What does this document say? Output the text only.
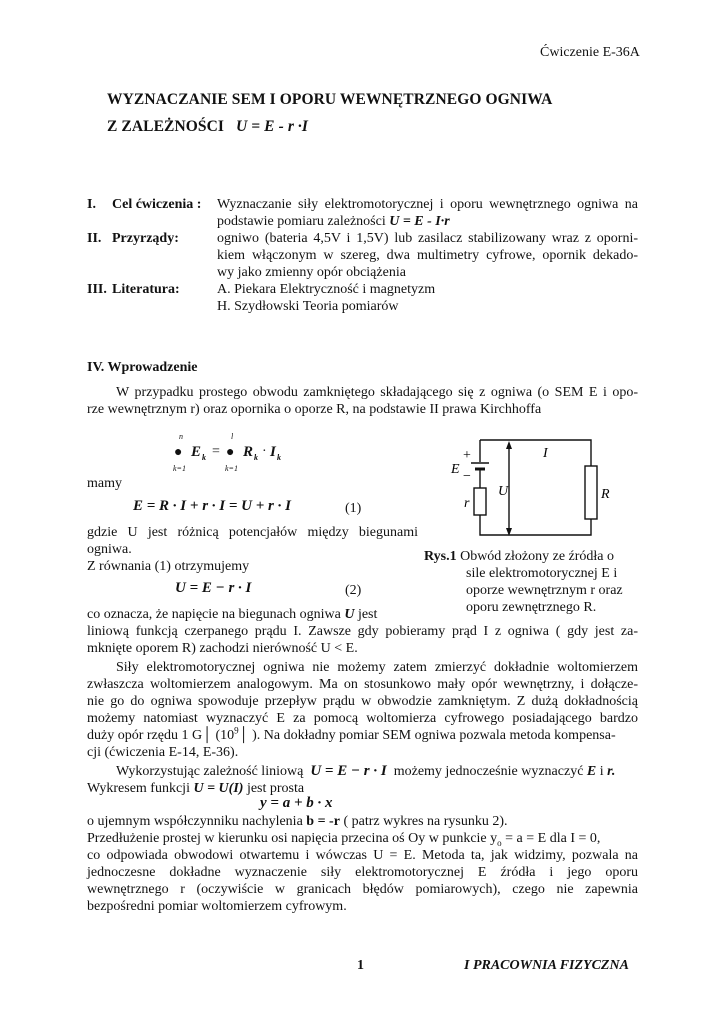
Ćwiczenie E-36A
WYZNACZANIE SEM I OPORU WEWNĘTRZNEGO OGNIWA
Z ZALEŻNOŚCI U = E - r ·I
I. Cel ćwiczenia : Wyznaczanie siły elektromotorycznej i oporu wewnętrznego ogniwa na
podstawie pomiaru zależności U = E - I·r
II. Przyrządy:	ogniwo (bateria 4,5V i 1,5V) lub zasilacz stabilizowany wraz z oporni-
kiem włączonym w szereg, dwa multimetry cyfrowe, opornik dekado-
wy jako zmienny opór obciążenia
III. Literatura:	A. Piekara Elektryczność i magnetyzm
H. Szydłowski Teoria pomiarów
IV. Wprowadzenie
W przypadku prostego obwodu zamkniętego składającego się z ogniwa (o SEM E i opo-
rze wewnętrznym r) oraz opornika o oporze R, na podstawie II prawa Kirchhoffa
n	l
● E k = ● R k · I k
k=1	k=1
mamy
E = R · I + r · I = U + r · I	(1)
gdzie U jest różnicą potencjałów między biegunami
ogniwa.
Z równania (1) otrzymujemy
U = E − r · I	(2)
co oznacza, że napięcie na biegunach ogniwa U jest
liniową funkcją czerpanego prądu I. Zawsze gdy pobieramy prąd I z ogniwa ( gdy jest za-
mknięte oporem R) zachodzi nierówność U < E.
Siły elektromotorycznej ogniwa nie możemy zatem zmierzyć dokładnie woltomierzem
zwłaszcza woltomierzem analogowym. Ma on stosunkowo mały opór wewnętrzny, i dołącze-
nie go do ogniwa spowoduje przepływ prądu w obwodzie zamkniętym. Z dużą dokładnością
możemy natomiast wyznaczyć E za pomocą woltomierza cyfrowego posiadającego bardzo
duży opór rzędu 1 G│ ($10^9│$ ). Na dokładny pomiar SEM ogniwa pozwala metoda kompensa-
cji (ćwiczenia E-14, E-36).
Wykorzystując zależność liniową U = E − r · I możemy jednocześnie wyznaczyć E i r.
Wykresem funkcji U = U(I) jest prosta
y = a + b · x
o ujemnym współczynniku nachylenia b = -r ( patrz wykres na rysunku 2).
Przedłużenie prostej w kierunku osi napięcia przecina oś Oy w punkcie $y_o = a = E$ dla I = 0,
co odpowiada obwodowi otwartemu i wówczas U = E. Metoda ta, jak widzimy, pozwala na
jednoczesne dokładne wyznaczenie siły elektromotorycznej E źródła i jego oporu
wewnętrznego r (oczywiście w granicach błędów pomiarowych), czego nie zapewnia
bezpośredni pomiar woltomierzem cyfrowym.
+
E −
I
U
r
R
Rys.1 Obwód złożony ze źródła o
sile elektromotorycznej E i
oporze wewnętrznym r oraz
oporu zewnętrznego R.
1	I PRACOWNIA FIZYCZNA
